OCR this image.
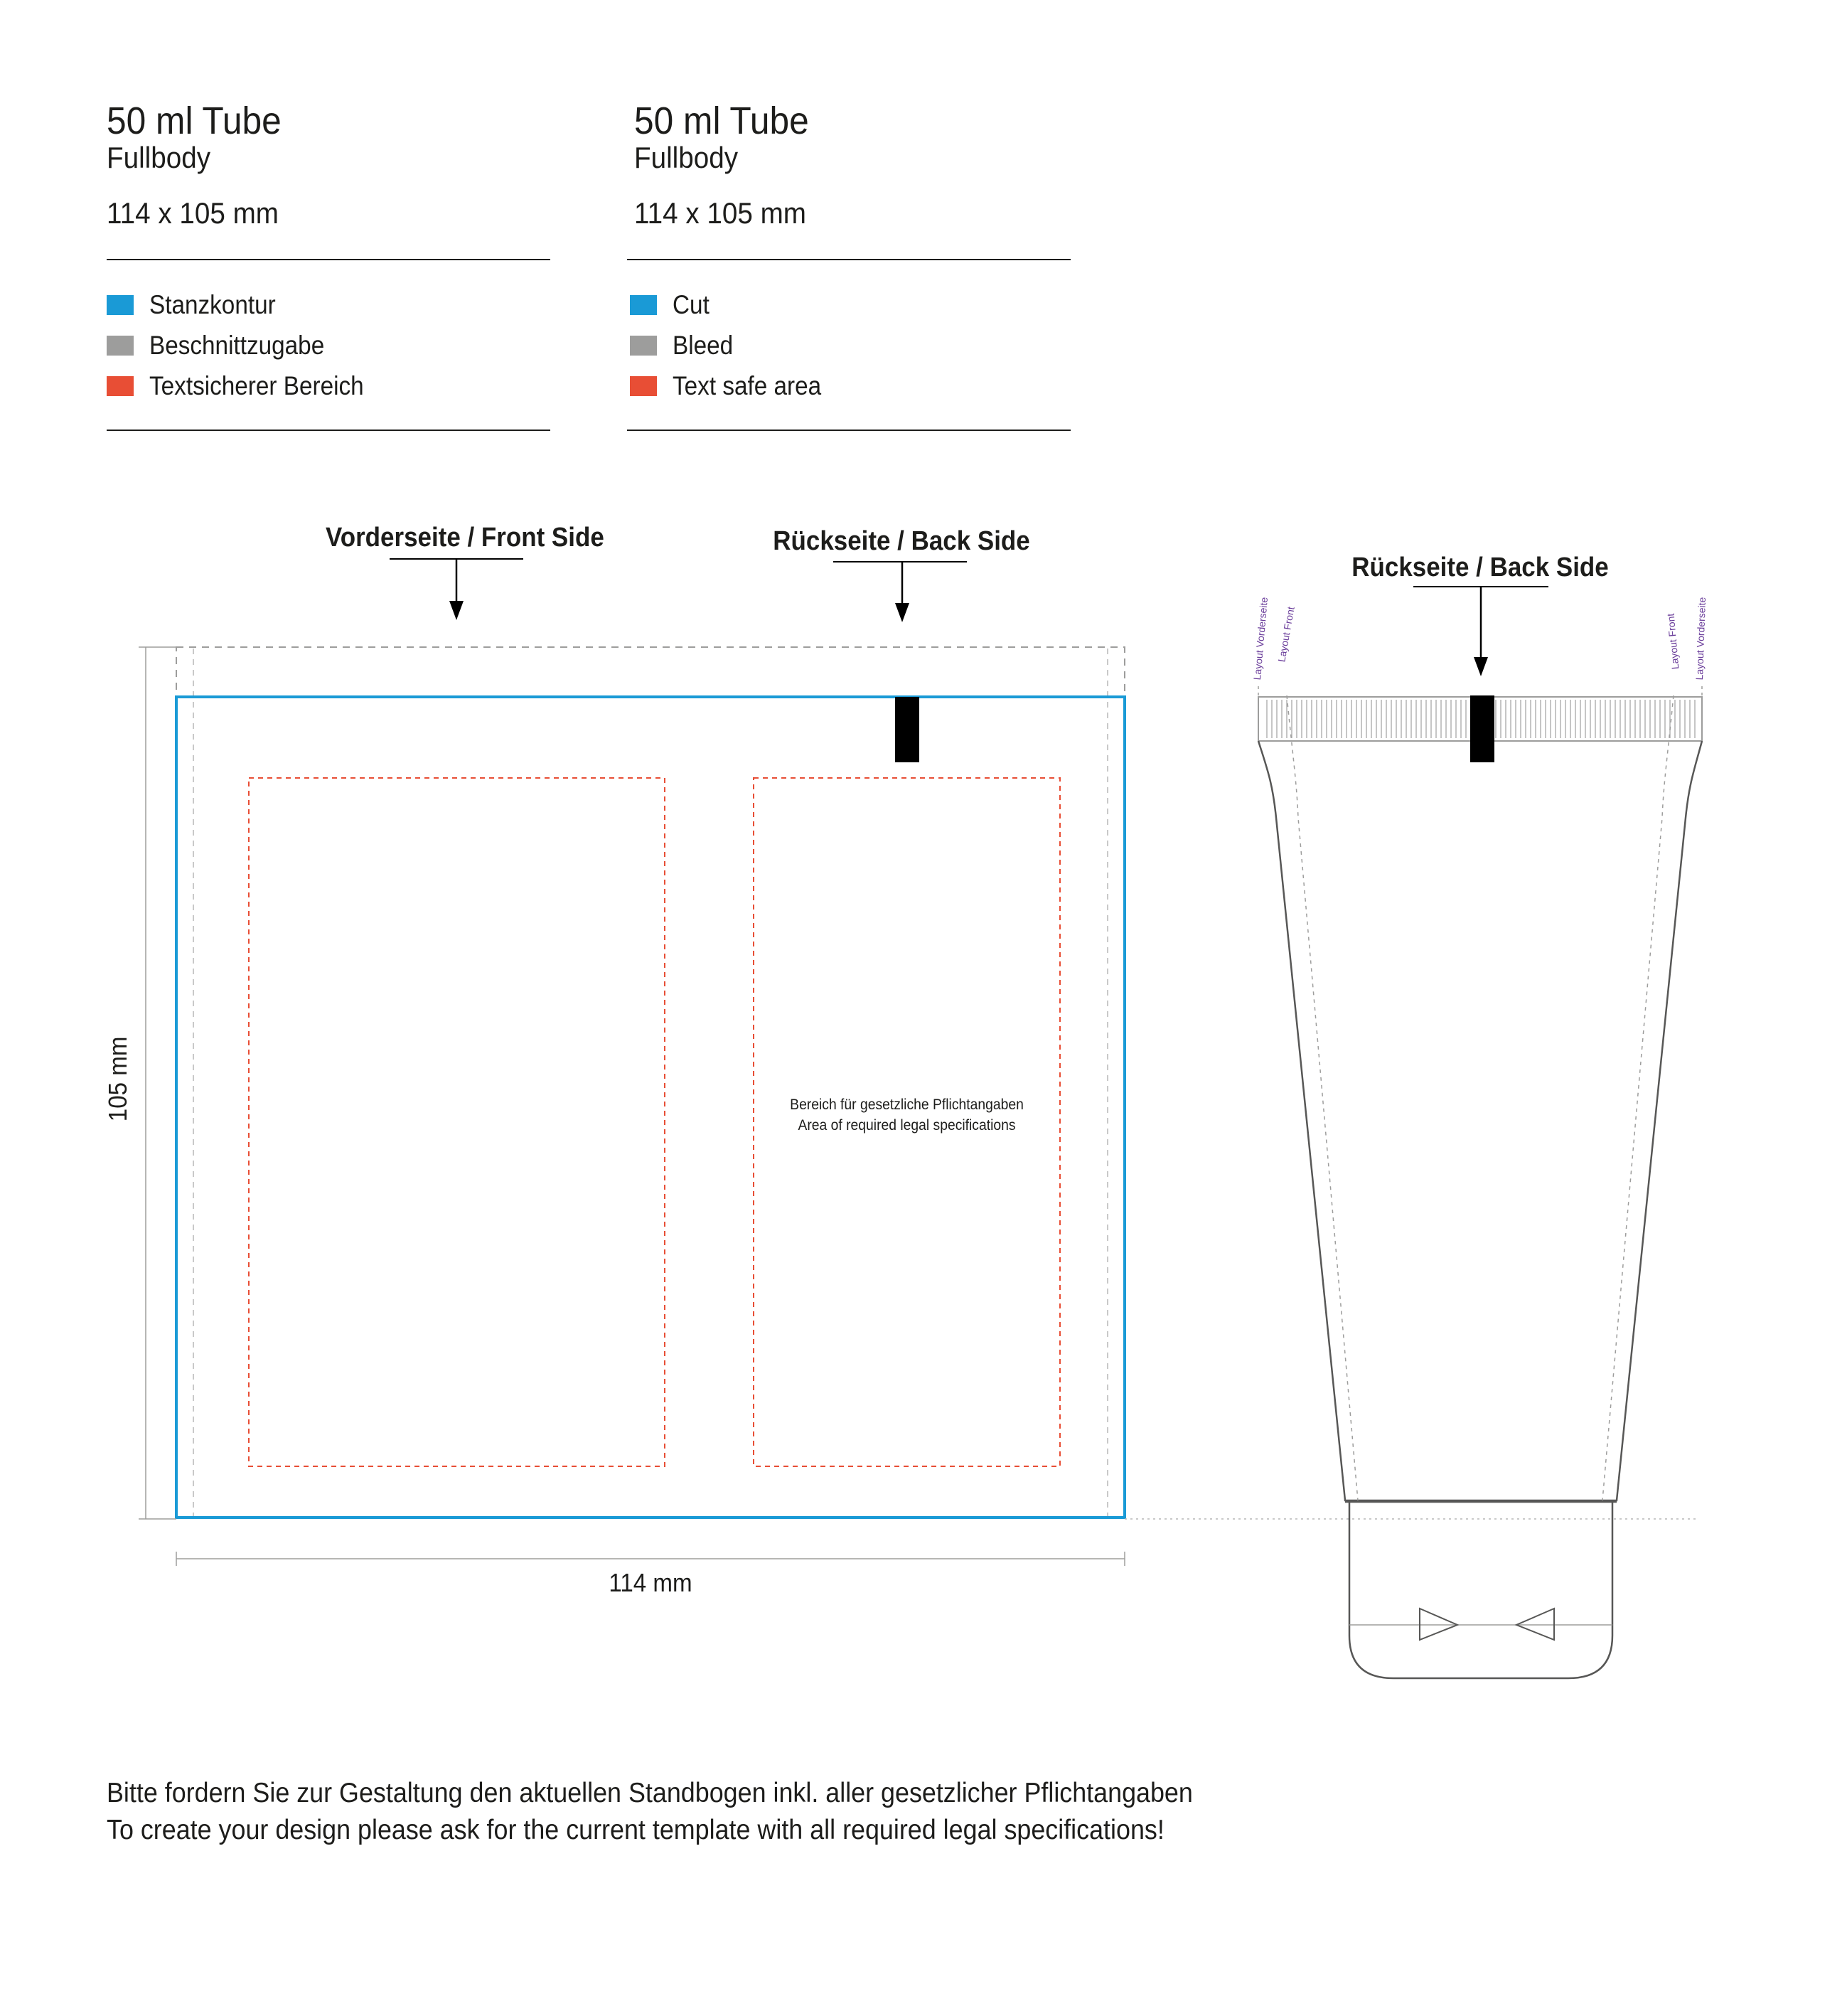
50 ml Tube
Fullbody
114 x 105 mm
Stanzkontur
Beschnittzugabe
Textsicherer Bereich
50 ml Tube
Fullbody
114 x 105 mm
Cut
Bleed
Text safe area
Vorderseite / Front Side	Rückseite / Back Side
Rückseite / Back Side
105 mm
114 mm
Bereich für gesetzliche Pflichtangaben
Area of required legal specifications
Layout Vorderseite Layout Front	Layout Front Layout Vorderseite
Bitte fordern Sie zur Gestaltung den aktuellen Standbogen inkl. aller gesetzlicher Pflichtangaben
To create your design please ask for the current template with all required legal specifications!
